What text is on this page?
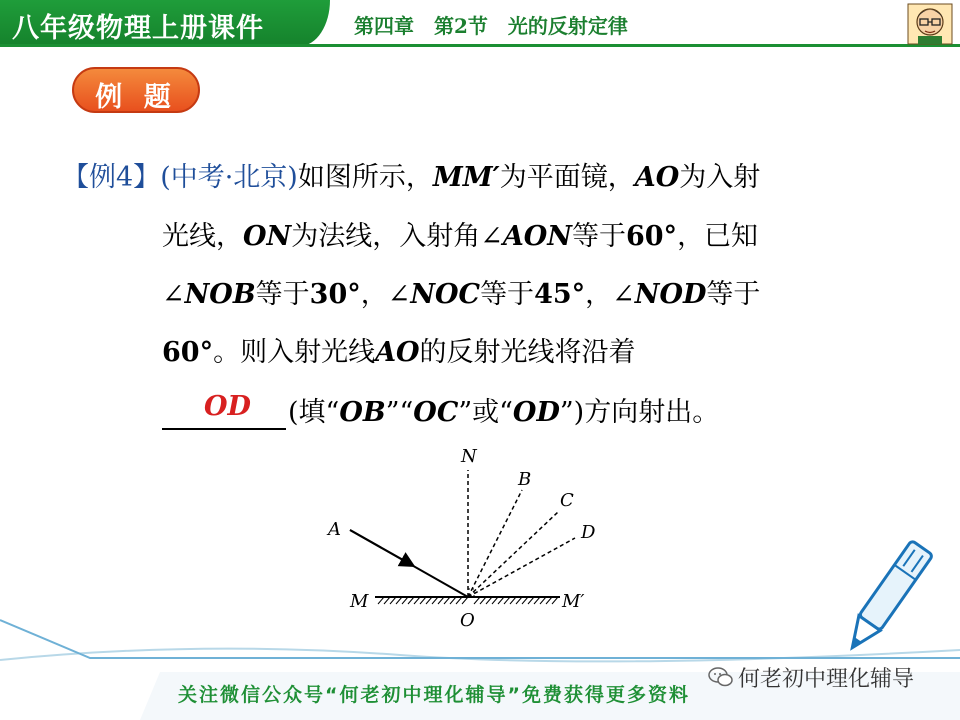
八年级物理上册课件	第四章　第2节　光的反射定律
例 题
【例4】(中考·北京)如图所示，MM′为平面镜，AO为入射
光线，ON为法线，入射角∠AON等于60°，已知
∠NOB等于30°，∠NOC等于45°，∠NOD等于
60°。则入射光线AO的反射光线将沿着
OD (填“OB”“OC”或“OD”)方向射出。
N
B
C
D
A
M	M′
O
关注微信公众号“何老初中理化辅导”免费获得更多资料
何老初中理化辅导
